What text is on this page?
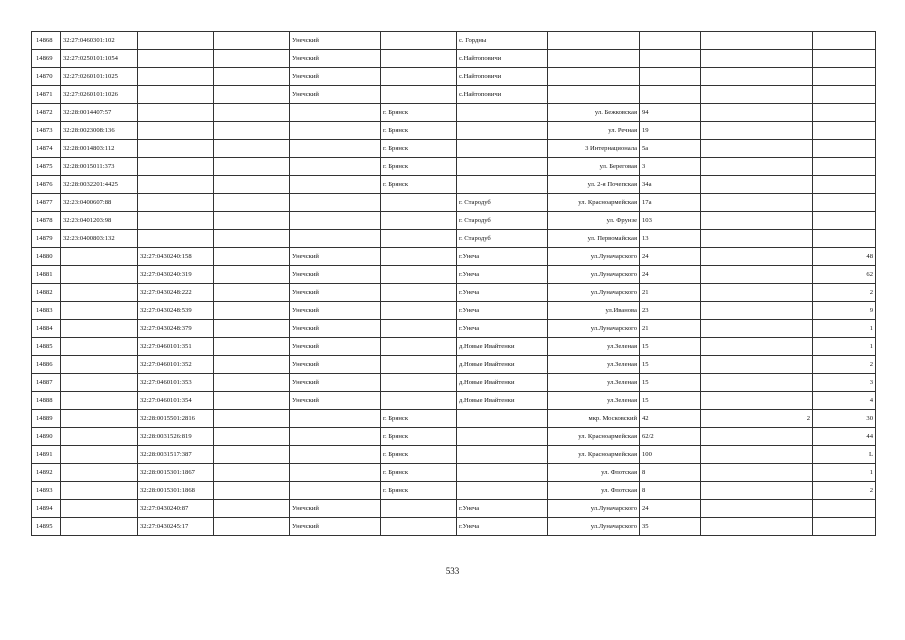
14868	32:27:0460301:102			Унечский		с. Гордны				
14869	32:27:0250101:1054			Унечский		с.Найтоповичи				
14870	32:27:0260101:1025			Унечский		с.Найтоповичи				
14871	32:27:0260101:1026			Унечский		с.Найтоповичи				
14872	32:28:0014407:57				г. Брянск		ул. Бежковская	94		
14873	32:28:0023008:136				г. Брянск		ул. Речная	19		
14874	32:28:0014803:112				г. Брянск		3 Интернационала	5а		
14875	32:28:0015011:373				г. Брянск		ул. Береговая	3		
14876	32:28:0032201:4425				г. Брянск		ул. 2-я Почепская	34а		
14877	32:23:0400607:88					г. Стародуб	ул. Красноармейская	17а		
14878	32:23:0401203:98					г. Стародуб	ул. Фрунзе	103		
14879	32:23:0400803:132					г. Стародуб	ул. Первомайская	13		
14880		32:27:0430240:158		Унечский		г.Унеча	ул.Луначарского	24		48
14881		32:27:0430240:319		Унечский		г.Унеча	ул.Луначарского	24		62
14882		32:27:0430248:222		Унечский		г.Унеча	ул.Луначарского	21		2
14883		32:27:0430248:539		Унечский		г.Унеча	ул.Иванова	23		9
14884		32:27:0430248:379		Унечский		г.Унеча	ул.Луначарского	21		1
14885		32:27:0460101:351		Унечский		д.Новые Ивайтенки	ул.Зеленая	15		1
14886		32:27:0460101:352		Унечский		д.Новые Ивайтенки	ул.Зеленая	15		2
14887		32:27:0460101:353		Унечский		д.Новые Ивайтенки	ул.Зеленая	15		3
14888		32:27:0460101:354		Унечский		д.Новые Ивайтенки	ул.Зеленая	15		4
14889		32:28:0015501:2816			г. Брянск		мкр. Московский	42	2	30
14890		32:28:0031526:819			г. Брянск		ул. Красноармейская	62/2		44
14891		32:28:0031517:387			г. Брянск		ул. Красноармейская	100		L
14892		32:28:0015301:1867			г. Брянск		ул. Флотская	8		1
14893		32:28:0015301:1868			г. Брянск		ул. Флотская	8		2
14894		32:27:0430240:87		Унечский		г.Унеча	ул.Луначарского	24		
14895		32:27:0430245:17		Унечский		г.Унеча	ул.Луначарского	35		
533
